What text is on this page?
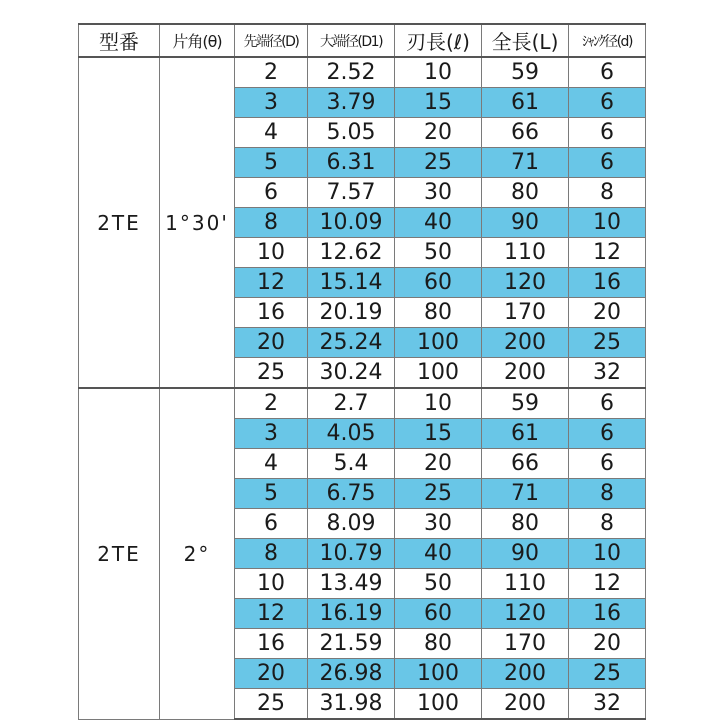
型番	片角(θ)	先端径(D)	大端径(D1)	刃長(ℓ)	全長(L)	ｼｬﾝｸ径(d)
2TE	1°30'	2	2.52	10	59	6
		3	3.79	15	61	6
		4	5.05	20	66	6
		5	6.31	25	71	6
		6	7.57	30	80	8
		8	10.09	40	90	10
		10	12.62	50	110	12
		12	15.14	60	120	16
		16	20.19	80	170	20
		20	25.24	100	200	25
		25	30.24	100	200	32
2TE	2°	2	2.7	10	59	6
		3	4.05	15	61	6
		4	5.4	20	66	6
		5	6.75	25	71	8
		6	8.09	30	80	8
		8	10.79	40	90	10
		10	13.49	50	110	12
		12	16.19	60	120	16
		16	21.59	80	170	20
		20	26.98	100	200	25
		25	31.98	100	200	32
